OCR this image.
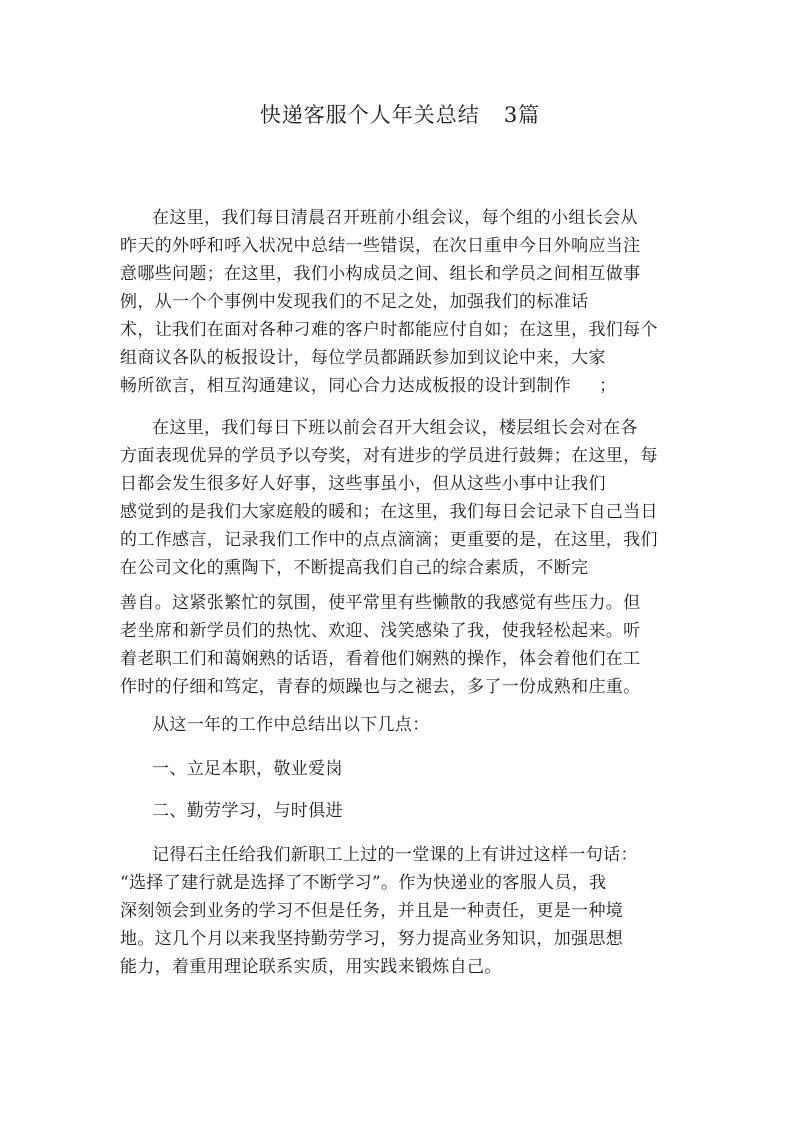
快递客服个人年关总结 3篇
在这里，我们每日清晨召开班前小组会议，每个组的小组长会从
昨天的外呼和呼入状况中总结一些错误，在次日重申今日外响应当注
意哪些问题；在这里，我们小构成员之间、组长和学员之间相互做事
例，从一个个事例中发现我们的不足之处，加强我们的标准话
术，让我们在面对各种刁难的客户时都能应付自如；在这里，我们每个
组商议各队的板报设计，每位学员都踊跃参加到议论中来，大家
畅所欲言，相互沟通建议，同心合力达成板报的设计到制作 ；
在这里，我们每日下班以前会召开大组会议，楼层组长会对在各
方面表现优异的学员予以夸奖，对有进步的学员进行鼓舞；在这里，每
日都会发生很多好人好事，这些事虽小，但从这些小事中让我们
感觉到的是我们大家庭般的暖和；在这里，我们每日会记录下自己当日
的工作感言，记录我们工作中的点点滴滴；更重要的是，在这里，我们
在公司文化的熏陶下，不断提高我们自己的综合素质，不断完
善自。这紧张繁忙的氛围，使平常里有些懒散的我感觉有些压力。但
老坐席和新学员们的热忱、欢迎、浅笑感染了我，使我轻松起来。听
着老职工们和蔼娴熟的话语，看着他们娴熟的操作，体会着他们在工
作时的仔细和笃定，青春的烦躁也与之褪去，多了一份成熟和庄重。
从这一年的工作中总结出以下几点：
一、立足本职，敬业爱岗
二、勤劳学习，与时俱进
记得石主任给我们新职工上过的一堂课的上有讲过这样一句话：
“选择了建行就是选择了不断学习”。作为快递业的客服人员，我
深刻领会到业务的学习不但是任务，并且是一种责任，更是一种境
地。这几个月以来我坚持勤劳学习，努力提高业务知识，加强思想
能力，着重用理论联系实质，用实践来锻炼自己。
